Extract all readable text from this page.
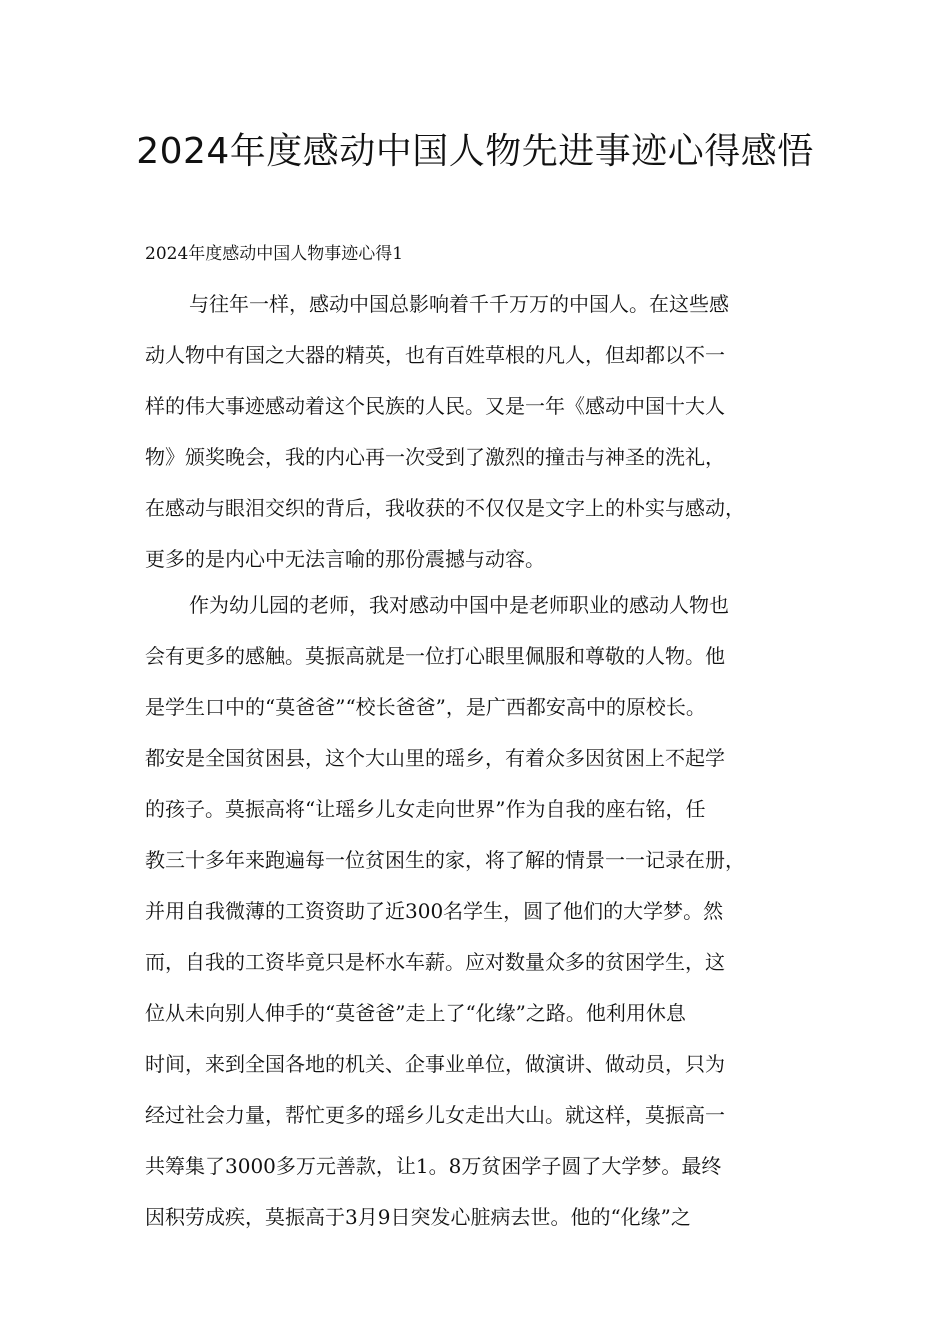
2024年度感动中国人物先进事迹心得感悟

2024年度感动中国人物事迹心得1

与往年一样，感动中国总影响着千千万万的中国人。在这些感
动人物中有国之大器的精英，也有百姓草根的凡人，但却都以不一
样的伟大事迹感动着这个民族的人民。又是一年《感动中国十大人
物》颁奖晚会，我的内心再一次受到了激烈的撞击与神圣的洗礼，
在感动与眼泪交织的背后，我收获的不仅仅是文字上的朴实与感动，
更多的是内心中无法言喻的那份震撼与动容。
作为幼儿园的老师，我对感动中国中是老师职业的感动人物也
会有更多的感触。莫振高就是一位打心眼里佩服和尊敬的人物。他
是学生口中的“莫爸爸”“校长爸爸”，是广西都安高中的原校长。
都安是全国贫困县，这个大山里的瑶乡，有着众多因贫困上不起学
的孩子。莫振高将“让瑶乡儿女走向世界”作为自我的座右铭，任
教三十多年来跑遍每一位贫困生的家，将了解的情景一一记录在册，
并用自我微薄的工资资助了近300名学生，圆了他们的大学梦。然
而，自我的工资毕竟只是杯水车薪。应对数量众多的贫困学生，这
位从未向别人伸手的“莫爸爸”走上了“化缘”之路。他利用休息
时间，来到全国各地的机关、企事业单位，做演讲、做动员，只为
经过社会力量，帮忙更多的瑶乡儿女走出大山。就这样，莫振高一
共筹集了3000多万元善款，让1。8万贫困学子圆了大学梦。最终
因积劳成疾，莫振高于3月9日突发心脏病去世。他的“化缘”之
